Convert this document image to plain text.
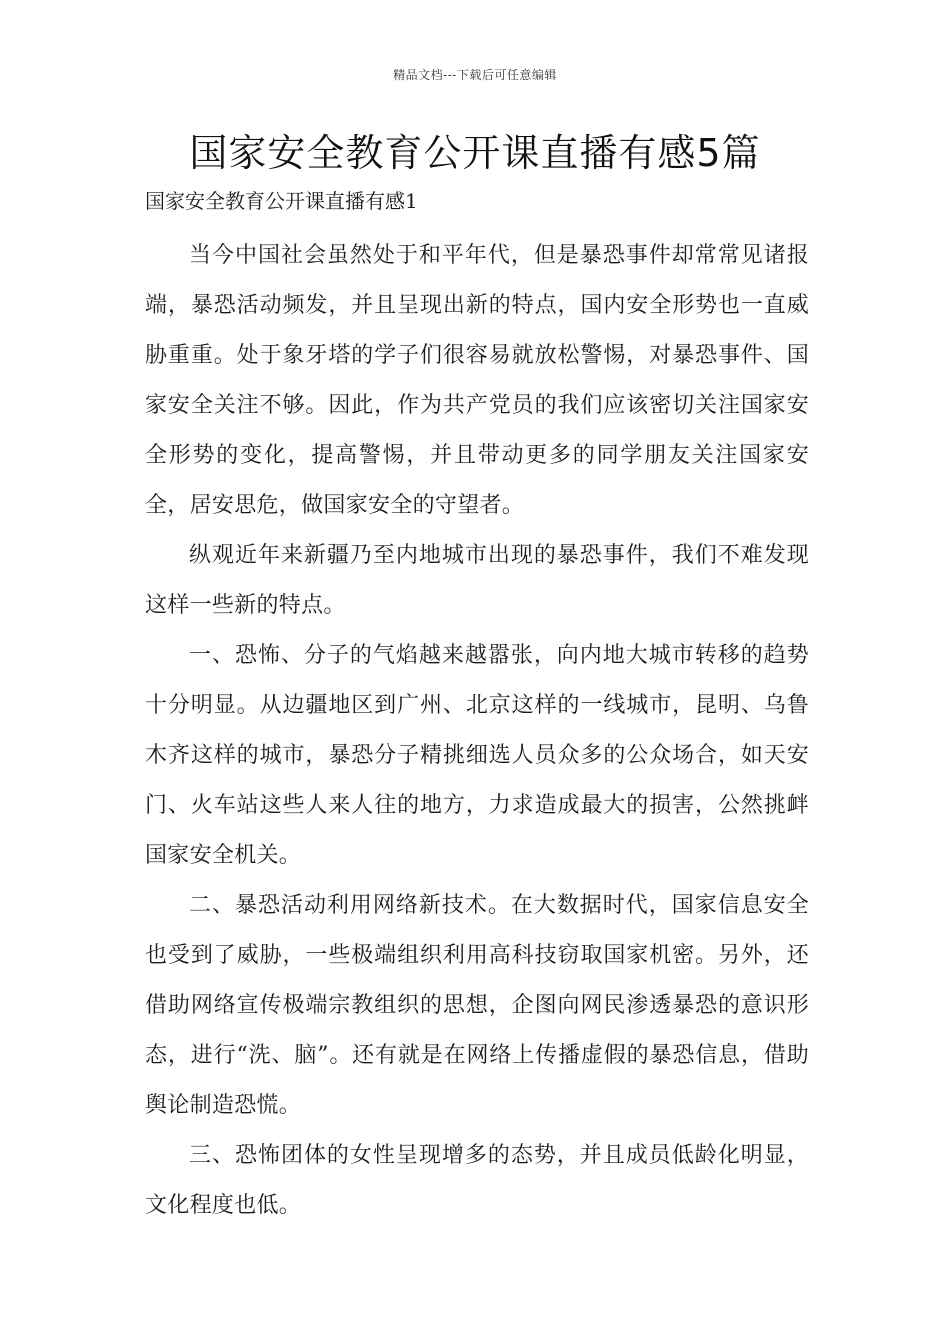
精品文档---下载后可任意编辑
国家安全教育公开课直播有感5篇
国家安全教育公开课直播有感1

当今中国社会虽然处于和平年代，但是暴恐事件却常常见诸报端，暴恐活动频发，并且呈现出新的特点，国内安全形势也一直威胁重重。处于象牙塔的学子们很容易就放松警惕，对暴恐事件、国家安全关注不够。因此，作为共产党员的我们应该密切关注国家安全形势的变化，提高警惕，并且带动更多的同学朋友关注国家安全，居安思危，做国家安全的守望者。

纵观近年来新疆乃至内地城市出现的暴恐事件，我们不难发现这样一些新的特点。

一、恐怖、分子的气焰越来越嚣张，向内地大城市转移的趋势十分明显。从边疆地区到广州、北京这样的一线城市，昆明、乌鲁木齐这样的城市，暴恐分子精挑细选人员众多的公众场合，如天安门、火车站这些人来人往的地方，力求造成最大的损害，公然挑衅国家安全机关。

二、暴恐活动利用网络新技术。在大数据时代，国家信息安全也受到了威胁，一些极端组织利用高科技窃取国家机密。另外，还借助网络宣传极端宗教组织的思想，企图向网民渗透暴恐的意识形态，进行“洗、脑”。还有就是在网络上传播虚假的暴恐信息，借助舆论制造恐慌。

三、恐怖团体的女性呈现增多的态势，并且成员低龄化明显，文化程度也低。
